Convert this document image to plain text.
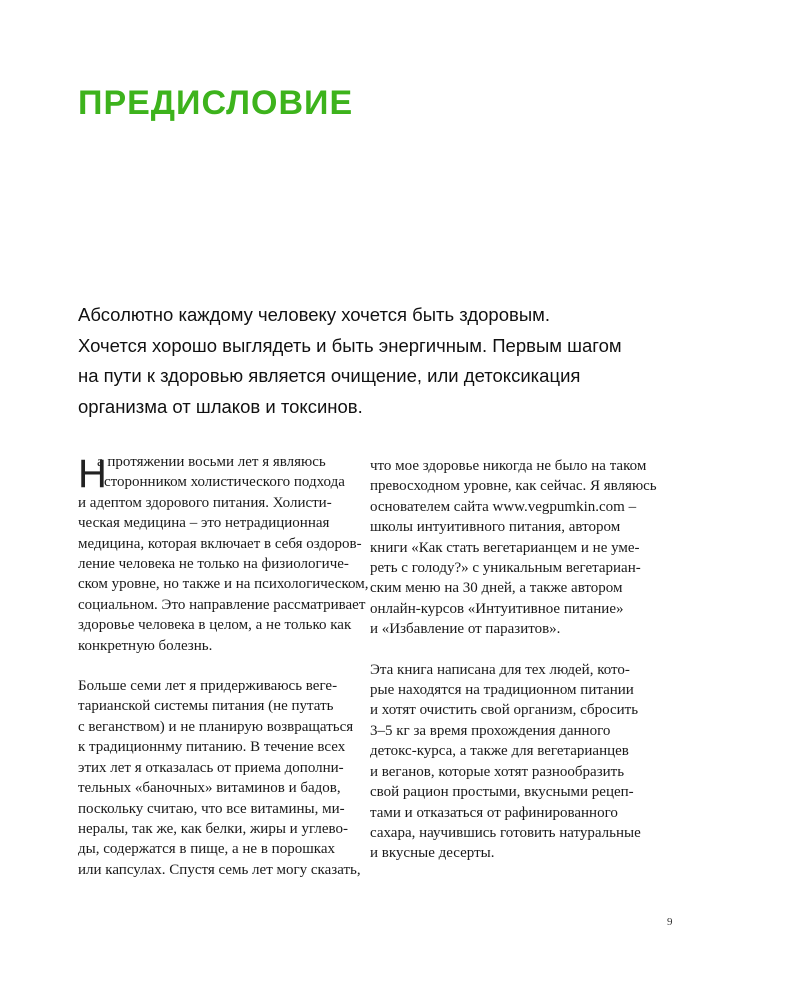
ПРЕДИСЛОВИЕ
Абсолютно каждому человеку хочется быть здоровым.
Хочется хорошо выглядеть и быть энергичным. Первым шагом
на пути к здоровью является очищение, или детоксикация
организма от шлаков и токсинов.
Н
а протяжении восьми лет я являюсь
сторонником холистического подхода
и адептом здорового питания. Холисти-
ческая медицина – это нетрадиционная
медицина, которая включает в себя оздоров-
ление человека не только на физиологиче-
ском уровне, но также и на психологическом,
социальном. Это направление рассматривает
здоровье человека в целом, а не только как
конкретную болезнь.
Больше семи лет я придерживаюсь веге-
тарианской системы питания (не путать
с веганством) и не планирую возвращаться
к традиционнму питанию. В течение всех
этих лет я отказалась от приема дополни-
тельных «баночных» витаминов и бадов,
поскольку считаю, что все витамины, ми-
нералы, так же, как белки, жиры и углево-
ды, содержатся в пище, а не в порошках
или капсулах. Спустя семь лет могу сказать,
что мое здоровье никогда не было на таком
превосходном уровне, как сейчас. Я являюсь
основателем сайта www.vegpumkin.com –
школы интуитивного питания, автором
книги «Как стать вегетарианцем и не уме-
реть с голоду?» с уникальным вегетариан-
ским меню на 30 дней, а также автором
онлайн-курсов «Интуитивное питание»
и «Избавление от паразитов».
Эта книга написана для тех людей, кото-
рые находятся на традиционном питании
и хотят очистить свой организм, сбросить
3–5 кг за время прохождения данного
детокс-курса, а также для вегетарианцев
и веганов, которые хотят разнообразить
свой рацион простыми, вкусными рецеп-
тами и отказаться от рафинированного
сахара, научившись готовить натуральные
и вкусные десерты.
9
